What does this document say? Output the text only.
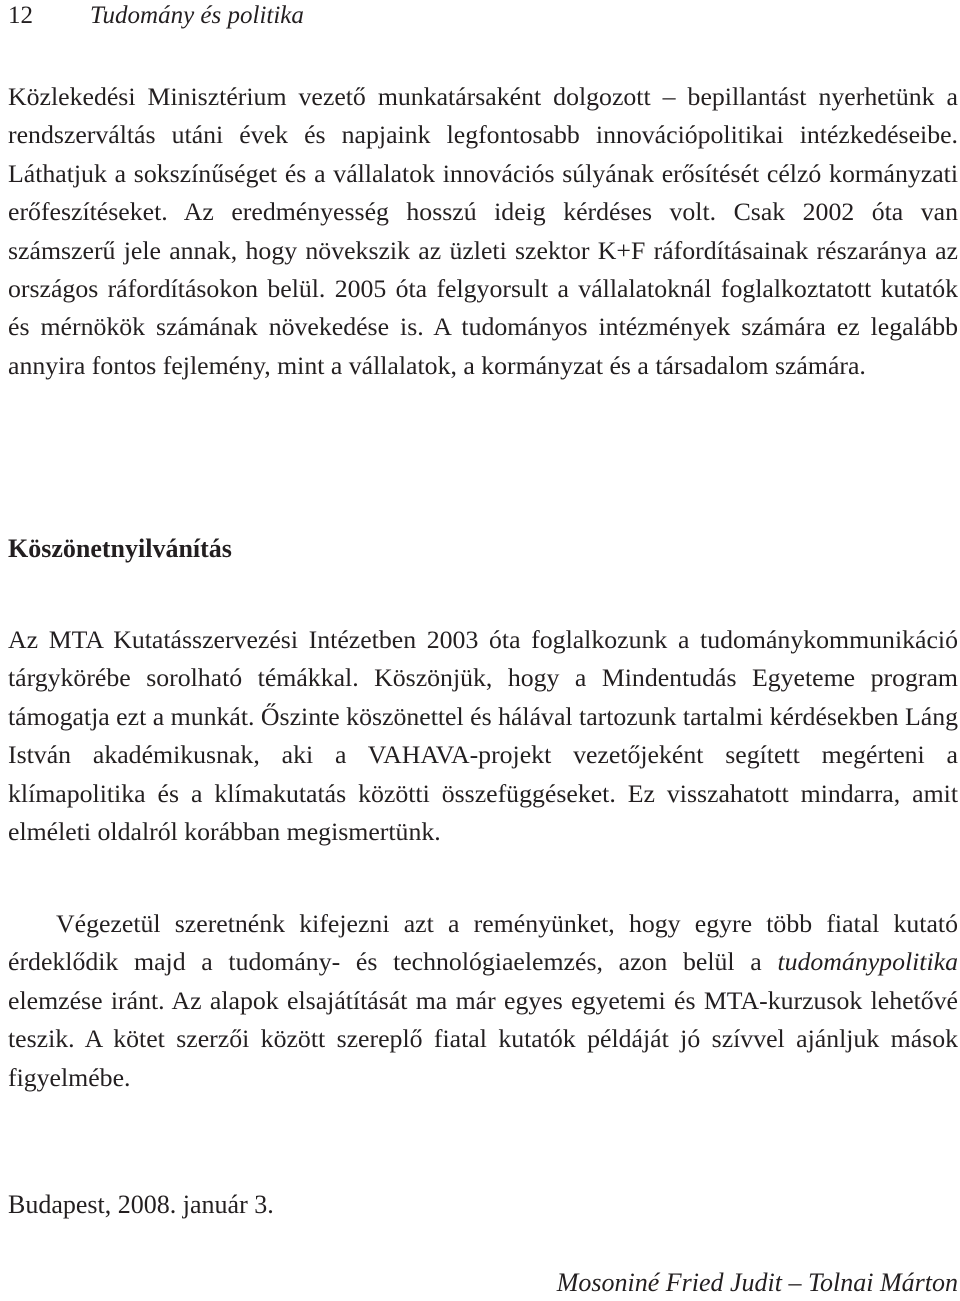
12 Tudomány és politika

Közlekedési Minisztérium vezető munkatársaként dolgozott – bepillantást nyerhetünk a rendszerváltás utáni évek és napjaink legfontosabb innovációpolitikai intézkedéseibe. Láthatjuk a sokszínűséget és a vállalatok innovációs súlyának erősítését célzó kormányzati erőfeszítéseket. Az eredményesség hosszú ideig kérdéses volt. Csak 2002 óta van számszerű jele annak, hogy növekszik az üzleti szektor K+F ráfordításainak részaránya az országos ráfordításokon belül. 2005 óta felgyorsult a vállalatoknál foglalkoztatott kutatók és mérnökök számának növekedése is. A tudományos intézmények számára ez legalább annyira fontos fejlemény, mint a vállalatok, a kormányzat és a társadalom számára.

Köszönetnyilvánítás

Az MTA Kutatásszervezési Intézetben 2003 óta foglalkozunk a tudománykommunikáció tárgykörébe sorolható témákkal. Köszönjük, hogy a Mindentudás Egyeteme program támogatja ezt a munkát. Őszinte köszönettel és hálával tartozunk tartalmi kérdésekben Láng István akadémikusnak, aki a VAHAVA-projekt vezetőjeként segített megérteni a klímapolitika és a klímakutatás közötti összefüggéseket. Ez visszahatott mindarra, amit elméleti oldalról korábban megismertünk.

Végezetül szeretnénk kifejezni azt a reményünket, hogy egyre több fiatal kutató érdeklődik majd a tudomány- és technológiaelemzés, azon belül a tudománypolitika elemzése iránt. Az alapok elsajátítását ma már egyes egyetemi és MTA-kurzusok lehetővé teszik. A kötet szerzői között szereplő fiatal kutatók példáját jó szívvel ajánljuk mások figyelmébe.

Budapest, 2008. január 3.

Mosoniné Fried Judit – Tolnai Márton
